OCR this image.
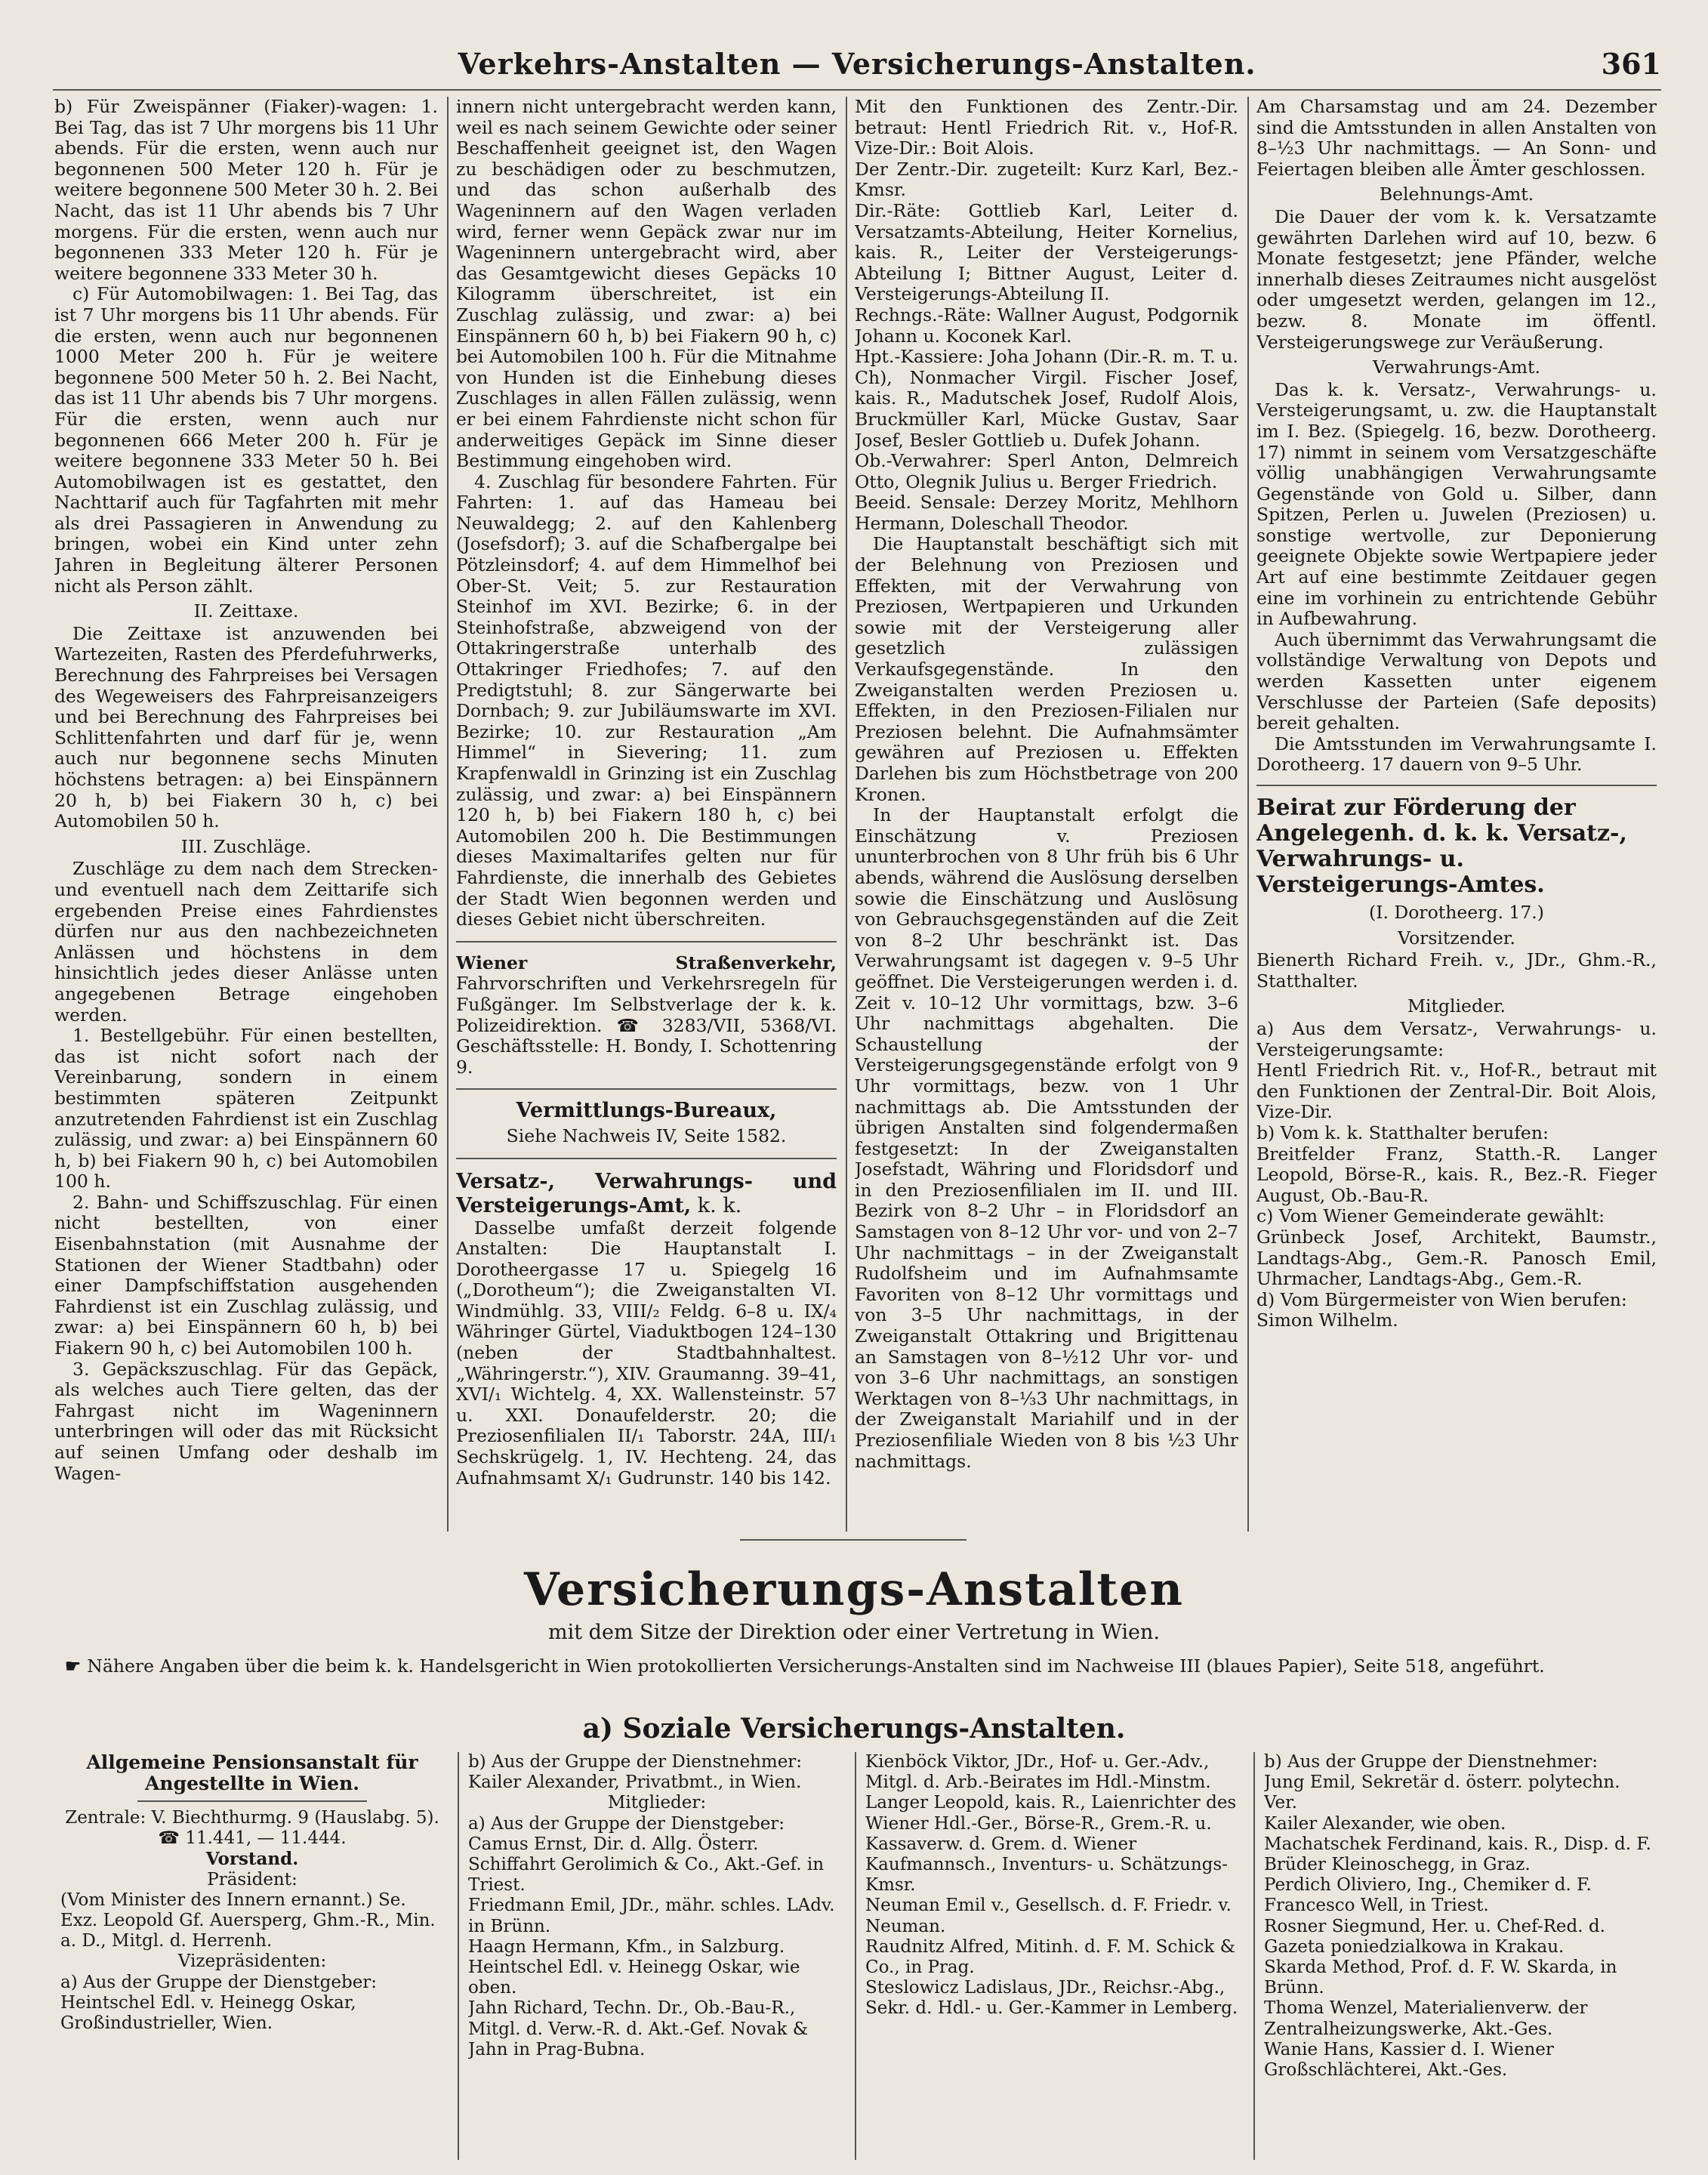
Verkehrs-Anstalten — Versicherungs-Anstalten.	361

b) Für Zweispänner (Fiaker)-wagen: 1. Bei Tag, das ist 7 Uhr morgens bis 11 Uhr abends. Für die ersten, wenn auch nur begonnenen 500 Meter 120 h. Für je weitere begonnene 500 Meter 30 h. 2. Bei Nacht, das ist 11 Uhr abends bis 7 Uhr morgens. Für die ersten, wenn auch nur begonnenen 333 Meter 120 h. Für je weitere begonnene 333 Meter 30 h.

c) Für Automobilwagen: 1. Bei Tag, das ist 7 Uhr morgens bis 11 Uhr abends. Für die ersten, wenn auch nur begonnenen 1000 Meter 200 h. Für je weitere begonnene 500 Meter 50 h. 2. Bei Nacht, das ist 11 Uhr abends bis 7 Uhr morgens. Für die ersten, wenn auch nur begonnenen 666 Meter 200 h. Für je weitere begonnene 333 Meter 50 h. Bei Automobilwagen ist es gestattet, den Nachttarif auch für Tagfahrten mit mehr als drei Passagieren in Anwendung zu bringen, wobei ein Kind unter zehn Jahren in Begleitung älterer Personen nicht als Person zählt.

II. Zeittaxe.

Die Zeittaxe ist anzuwenden bei Wartezeiten, Rasten des Pferdefuhrwerks, Berechnung des Fahrpreises bei Versagen des Wegeweisers des Fahrpreisanzeigers und bei Berechnung des Fahrpreises bei Schlittenfahrten und darf für je, wenn auch nur begonnene sechs Minuten höchstens betragen: a) bei Einspännern 20 h, b) bei Fiakern 30 h, c) bei Automobilen 50 h.

III. Zuschläge.

Zuschläge zu dem nach dem Strecken- und eventuell nach dem Zeittarife sich ergebenden Preise eines Fahrdienstes dürfen nur aus den nachbezeichneten Anlässen und höchstens in dem hinsichtlich jedes dieser Anlässe unten angegebenen Betrage eingehoben werden.

1. Bestellgebühr. Für einen bestellten, das ist nicht sofort nach der Vereinbarung, sondern in einem bestimmten späteren Zeitpunkt anzutretenden Fahrdienst ist ein Zuschlag zulässig, und zwar: a) bei Einspännern 60 h, b) bei Fiakern 90 h, c) bei Automobilen 100 h.

2. Bahn- und Schiffszuschlag. Für einen nicht bestellten, von einer Eisenbahnstation (mit Ausnahme der Stationen der Wiener Stadtbahn) oder einer Dampfschiffstation ausgehenden Fahrdienst ist ein Zuschlag zulässig, und zwar: a) bei Einspännern 60 h, b) bei Fiakern 90 h, c) bei Automobilen 100 h.

3. Gepäckszuschlag. Für das Gepäck, als welches auch Tiere gelten, das der Fahrgast nicht im Wageninnern unterbringen will oder das mit Rücksicht auf seinen Umfang oder deshalb im Wagen-

innern nicht untergebracht werden kann, weil es nach seinem Gewichte oder seiner Beschaffenheit geeignet ist, den Wagen zu beschädigen oder zu beschmutzen, und das schon außerhalb des Wageninnern auf den Wagen verladen wird, ferner wenn Gepäck zwar nur im Wageninnern untergebracht wird, aber das Gesamtgewicht dieses Gepäcks 10 Kilogramm überschreitet, ist ein Zuschlag zulässig, und zwar: a) bei Einspännern 60 h, b) bei Fiakern 90 h, c) bei Automobilen 100 h. Für die Mitnahme von Hunden ist die Einhebung dieses Zuschlages in allen Fällen zulässig, wenn er bei einem Fahrdienste nicht schon für anderweitiges Gepäck im Sinne dieser Bestimmung eingehoben wird.

4. Zuschlag für besondere Fahrten. Für Fahrten: 1. auf das Hameau bei Neuwaldegg; 2. auf den Kahlenberg (Josefsdorf); 3. auf die Schafbergalpe bei Pötzleinsdorf; 4. auf dem Himmelhof bei Ober-St. Veit; 5. zur Restauration Steinhof im XVI. Bezirke; 6. in der Steinhofstraße, abzweigend von der Ottakringerstraße unterhalb des Ottakringer Friedhofes; 7. auf den Predigtstuhl; 8. zur Sängerwarte bei Dornbach; 9. zur Jubiläumswarte im XVI. Bezirke; 10. zur Restauration „Am Himmel“ in Sievering; 11. zum Krapfenwaldl in Grinzing ist ein Zuschlag zulässig, und zwar: a) bei Einspännern 120 h, b) bei Fiakern 180 h, c) bei Automobilen 200 h. Die Bestimmungen dieses Maximaltarifes gelten nur für Fahrdienste, die innerhalb des Gebietes der Stadt Wien begonnen werden und dieses Gebiet nicht überschreiten.

Wiener Straßenverkehr, Fahrvorschriften und Verkehrsregeln für Fußgänger. Im Selbstverlage der k. k. Polizeidirektion. ☎ 3283/VII, 5368/VI. Geschäftsstelle: H. Bondy, I. Schottenring 9.

Vermittlungs-Bureaux,

Siehe Nachweis IV, Seite 1582.

Versatz-, Verwahrungs- und Versteigerungs-Amt, k. k.

Dasselbe umfaßt derzeit folgende Anstalten: Die Hauptanstalt I. Dorotheergasse 17 u. Spiegelg 16 („Dorotheum“); die Zweiganstalten VI. Windmühlg. 33, VIII/₂ Feldg. 6–8 u. IX/₄ Währinger Gürtel, Viaduktbogen 124–130 (neben der Stadtbahnhaltest. „Währingerstr.“), XIV. Graumanng. 39–41, XVI/₁ Wichtelg. 4, XX. Wallensteinstr. 57 u. XXI. Donaufelderstr. 20; die Preziosenfilialen II/₁ Taborstr. 24A, III/₁ Sechskrügelg. 1, IV. Hechteng. 24, das Aufnahmsamt X/₁ Gudrunstr. 140 bis 142.

Mit den Funktionen des Zentr.-Dir. betraut: Hentl Friedrich Rit. v., Hof-R. Vize-Dir.: Boit Alois.

Der Zentr.-Dir. zugeteilt: Kurz Karl, Bez.-Kmsr.

Dir.-Räte: Gottlieb Karl, Leiter d. Versatzamts-Abteilung, Heiter Kornelius, kais. R., Leiter der Versteigerungs-Abteilung I; Bittner August, Leiter d. Versteigerungs-Abteilung II.

Rechngs.-Räte: Wallner August, Podgornik Johann u. Koconek Karl.

Hpt.-Kassiere: Joha Johann (Dir.-R. m. T. u. Ch), Nonmacher Virgil. Fischer Josef, kais. R., Madutschek Josef, Rudolf Alois, Bruckmüller Karl, Mücke Gustav, Saar Josef, Besler Gottlieb u. Dufek Johann.

Ob.-Verwahrer: Sperl Anton, Delmreich Otto, Olegnik Julius u. Berger Friedrich.

Beeid. Sensale: Derzey Moritz, Mehlhorn Hermann, Doleschall Theodor.

Die Hauptanstalt beschäftigt sich mit der Belehnung von Preziosen und Effekten, mit der Verwahrung von Preziosen, Wertpapieren und Urkunden sowie mit der Versteigerung aller gesetzlich zulässigen Verkaufsgegenstände. In den Zweiganstalten werden Preziosen u. Effekten, in den Preziosen-Filialen nur Preziosen belehnt. Die Aufnahmsämter gewähren auf Preziosen u. Effekten Darlehen bis zum Höchstbetrage von 200 Kronen.

In der Hauptanstalt erfolgt die Einschätzung v. Preziosen ununterbrochen von 8 Uhr früh bis 6 Uhr abends, während die Auslösung derselben sowie die Einschätzung und Auslösung von Gebrauchsgegenständen auf die Zeit von 8–2 Uhr beschränkt ist. Das Verwahrungsamt ist dagegen v. 9–5 Uhr geöffnet. Die Versteigerungen werden i. d. Zeit v. 10–12 Uhr vormittags, bzw. 3–6 Uhr nachmittags abgehalten. Die Schaustellung der Versteigerungsgegenstände erfolgt von 9 Uhr vormittags, bezw. von 1 Uhr nachmittags ab. Die Amtsstunden der übrigen Anstalten sind folgendermaßen festgesetzt: In der Zweiganstalten Josefstadt, Währing und Floridsdorf und in den Preziosenfilialen im II. und III. Bezirk von 8–2 Uhr – in Floridsdorf an Samstagen von 8–12 Uhr vor- und von 2–7 Uhr nachmittags – in der Zweiganstalt Rudolfsheim und im Aufnahmsamte Favoriten von 8–12 Uhr vormittags und von 3–5 Uhr nachmittags, in der Zweiganstalt Ottakring und Brigittenau an Samstagen von 8–½12 Uhr vor- und von 3–6 Uhr nachmittags, an sonstigen Werktagen von 8–⅓3 Uhr nachmittags, in der Zweiganstalt Mariahilf und in der Preziosenfiliale Wieden von 8 bis ½3 Uhr nachmittags.

Am Charsamstag und am 24. Dezember sind die Amtsstunden in allen Anstalten von 8–½3 Uhr nachmittags. — An Sonn- und Feiertagen bleiben alle Ämter geschlossen.

Belehnungs-Amt.

Die Dauer der vom k. k. Versatzamte gewährten Darlehen wird auf 10, bezw. 6 Monate festgesetzt; jene Pfänder, welche innerhalb dieses Zeitraumes nicht ausgelöst oder umgesetzt werden, gelangen im 12., bezw. 8. Monate im öffentl. Versteigerungswege zur Veräußerung.

Verwahrungs-Amt.

Das k. k. Versatz-, Verwahrungs- u. Versteigerungsamt, u. zw. die Hauptanstalt im I. Bez. (Spiegelg. 16, bezw. Dorotheerg. 17) nimmt in seinem vom Versatzgeschäfte völlig unabhängigen Verwahrungsamte Gegenstände von Gold u. Silber, dann Spitzen, Perlen u. Juwelen (Preziosen) u. sonstige wertvolle, zur Deponierung geeignete Objekte sowie Wertpapiere jeder Art auf eine bestimmte Zeitdauer gegen eine im vorhinein zu entrichtende Gebühr in Aufbewahrung.

Auch übernimmt das Verwahrungsamt die vollständige Verwaltung von Depots und werden Kassetten unter eigenem Verschlusse der Parteien (Safe deposits) bereit gehalten.

Die Amtsstunden im Verwahrungsamte I. Dorotheerg. 17 dauern von 9–5 Uhr.

Beirat zur Förderung der Angelegenh. d. k. k. Versatz-, Verwahrungs- u. Versteigerungs-Amtes.

(I. Dorotheerg. 17.)

Vorsitzender.

Bienerth Richard Freih. v., JDr., Ghm.-R., Statthalter.

Mitglieder.

a) Aus dem Versatz-, Verwahrungs- u. Versteigerungsamte:

Hentl Friedrich Rit. v., Hof-R., betraut mit den Funktionen der Zentral-Dir. Boit Alois, Vize-Dir.

b) Vom k. k. Statthalter berufen:

Breitfelder Franz, Statth.-R. Langer Leopold, Börse-R., kais. R., Bez.-R. Fieger August, Ob.-Bau-R.

c) Vom Wiener Gemeinderate gewählt:

Grünbeck Josef, Architekt, Baumstr., Landtags-Abg., Gem.-R. Panosch Emil, Uhrmacher, Landtags-Abg., Gem.-R.

d) Vom Bürgermeister von Wien berufen:

Simon Wilhelm.

Versicherungs-Anstalten
mit dem Sitze der Direktion oder einer Vertretung in Wien.
☛ Nähere Angaben über die beim k. k. Handelsgericht in Wien protokollierten Versicherungs-Anstalten sind im Nachweise III (blaues Papier), Seite 518, angeführt.
a) Soziale Versicherungs-Anstalten.

Allgemeine Pensionsanstalt für Angestellte in Wien.

Zentrale: V. Biechthurmg. 9 (Hauslabg. 5). ☎ 11.441, — 11.444.

Vorstand.

Präsident:

(Vom Minister des Innern ernannt.) Se. Exz. Leopold Gf. Auersperg, Ghm.-R., Min. a. D., Mitgl. d. Herrenh.

Vizepräsidenten:

a) Aus der Gruppe der Dienstgeber:

Heintschel Edl. v. Heinegg Oskar, Großindustrieller, Wien.

b) Aus der Gruppe der Dienstnehmer:

Kailer Alexander, Privatbmt., in Wien.

Mitglieder:

a) Aus der Gruppe der Dienstgeber:

Camus Ernst, Dir. d. Allg. Österr. Schiffahrt Gerolimich & Co., Akt.-Gef. in Triest.

Friedmann Emil, JDr., mähr. schles. LAdv. in Brünn.

Haagn Hermann, Kfm., in Salzburg. Heintschel Edl. v. Heinegg Oskar, wie oben.

Jahn Richard, Techn. Dr., Ob.-Bau-R., Mitgl. d. Verw.-R. d. Akt.-Gef. Novak & Jahn in Prag-Bubna.

Kienböck Viktor, JDr., Hof- u. Ger.-Adv., Mitgl. d. Arb.-Beirates im Hdl.-Minstm.

Langer Leopold, kais. R., Laienrichter des Wiener Hdl.-Ger., Börse-R., Grem.-R. u. Kassaverw. d. Grem. d. Wiener Kaufmannsch., Inventurs- u. Schätzungs-Kmsr.

Neuman Emil v., Gesellsch. d. F. Friedr. v. Neuman.

Raudnitz Alfred, Mitinh. d. F. M. Schick & Co., in Prag.

Steslowicz Ladislaus, JDr., Reichsr.-Abg., Sekr. d. Hdl.- u. Ger.-Kammer in Lemberg.

b) Aus der Gruppe der Dienstnehmer:

Jung Emil, Sekretär d. österr. polytechn. Ver.

Kailer Alexander, wie oben.

Machatschek Ferdinand, kais. R., Disp. d. F. Brüder Kleinoschegg, in Graz.

Perdich Oliviero, Ing., Chemiker d. F. Francesco Well, in Triest.

Rosner Siegmund, Her. u. Chef-Red. d. Gazeta poniedzialkowa in Krakau.

Skarda Method, Prof. d. F. W. Skarda, in Brünn.

Thoma Wenzel, Materialienverw. der Zentralheizungswerke, Akt.-Ges.

Wanie Hans, Kassier d. I. Wiener Großschlächterei, Akt.-Ges.
